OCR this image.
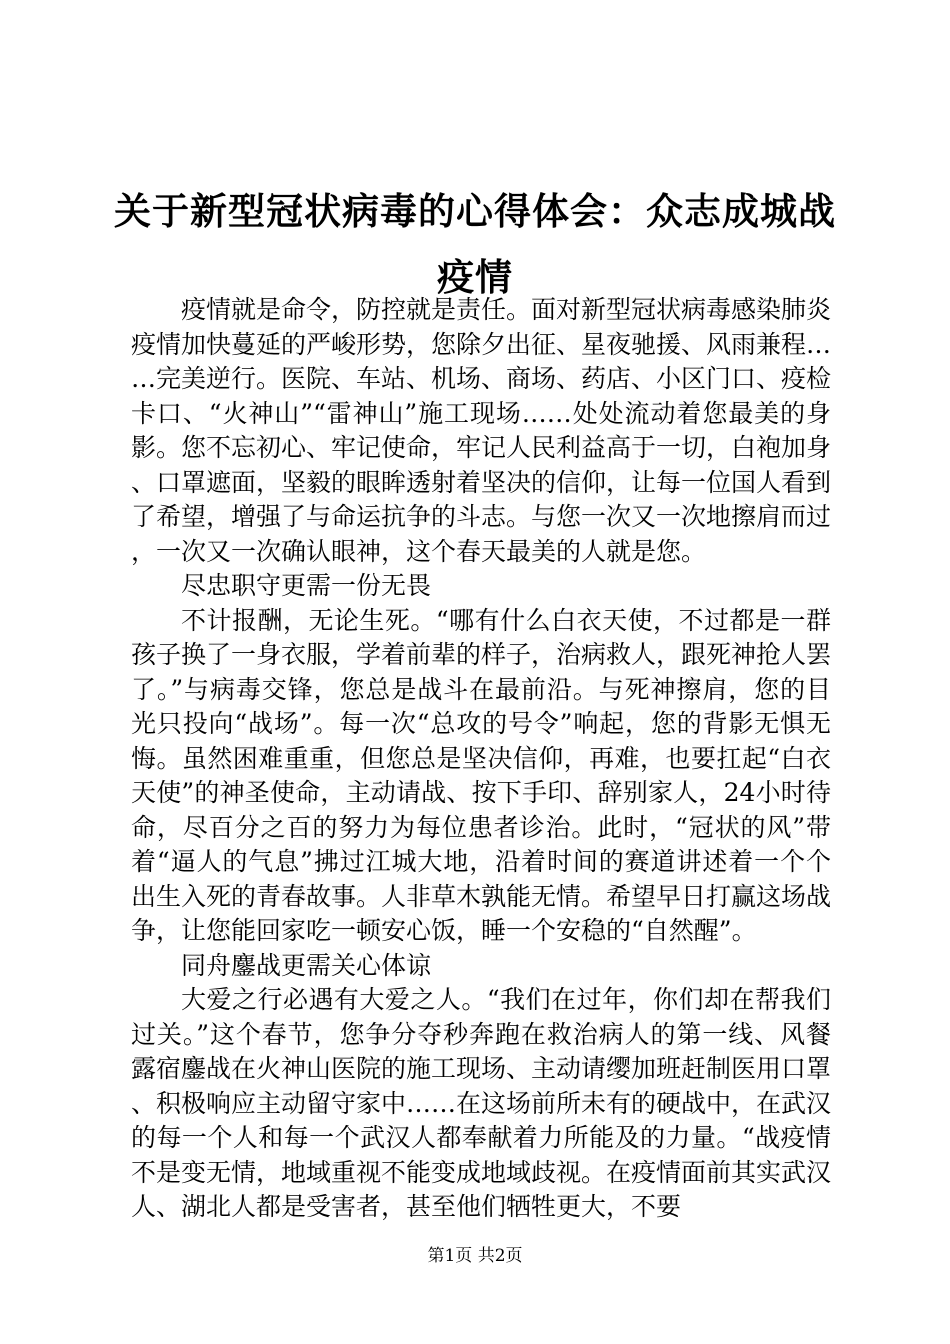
关于新型冠状病毒的心得体会：众志成城战疫情

疫情就是命令，防控就是责任。面对新型冠状病毒感染肺炎疫情加快蔓延的严峻形势，您除夕出征、星夜驰援、风雨兼程……完美逆行。医院、车站、机场、商场、药店、小区门口、疫检卡口、“火神山”“雷神山”施工现场……处处流动着您最美的身影。您不忘初心、牢记使命，牢记人民利益高于一切，白袍加身、口罩遮面，坚毅的眼眸透射着坚决的信仰，让每一位国人看到了希望，增强了与命运抗争的斗志。与您一次又一次地擦肩而过，一次又一次确认眼神，这个春天最美的人就是您。

尽忠职守更需一份无畏

不计报酬，无论生死。“哪有什么白衣天使，不过都是一群孩子换了一身衣服，学着前辈的样子，治病救人，跟死神抢人罢了。”与病毒交锋，您总是战斗在最前沿。与死神擦肩，您的目光只投向“战场”。每一次“总攻的号令”响起，您的背影无惧无悔。虽然困难重重，但您总是坚决信仰，再难，也要扛起“白衣天使”的神圣使命，主动请战、按下手印、辞别家人，24小时待命，尽百分之百的努力为每位患者诊治。此时，“冠状的风”带着“逼人的气息”拂过江城大地，沿着时间的赛道讲述着一个个出生入死的青春故事。人非草木孰能无情。希望早日打赢这场战争，让您能回家吃一顿安心饭，睡一个安稳的“自然醒”。

同舟鏖战更需关心体谅

大爱之行必遇有大爱之人。“我们在过年，你们却在帮我们过关。”这个春节，您争分夺秒奔跑在救治病人的第一线、风餐露宿鏖战在火神山医院的施工现场、主动请缨加班赶制医用口罩、积极响应主动留守家中……在这场前所未有的硬战中，在武汉的每一个人和每一个武汉人都奉献着力所能及的力量。“战疫情不是变无情，地域重视不能变成地域歧视。在疫情面前其实武汉人、湖北人都是受害者，甚至他们牺牲更大，不要

第1页 共2页
